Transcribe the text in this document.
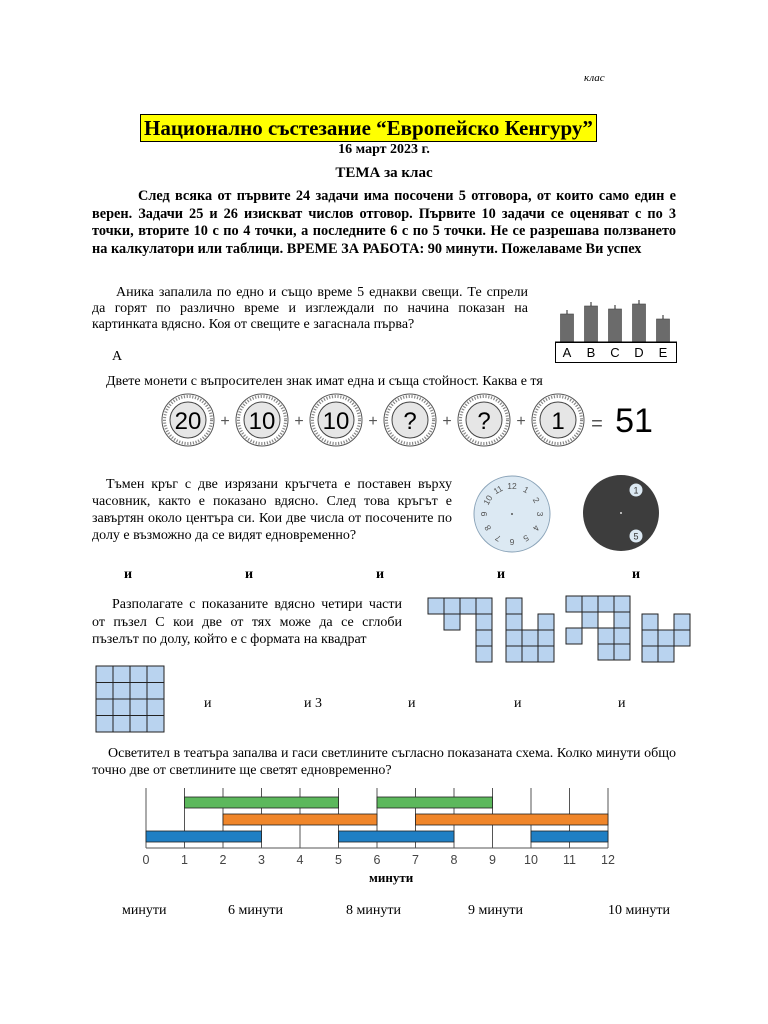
клас
Национално състезание “Европейско Кенгуру”
16 март 2023 г.
ТЕМА за клас
След всяка от първите 24 задачи има посочени 5 отговора, от които само един е верен. Задачи 25 и 26 изискват числов отговор. Първите 10 задачи се оценяват с по 3 точки, вторите 10 с по 4 точки, а последните 6 с по 5 точки. Не се разрешава ползването на калкулатори или таблици. ВРЕМЕ ЗА РАБОТА: 90 минути. Пожелаваме Ви успех
Аника запалила по едно и също време 5 еднакви свещи. Те спрели да горят по различно време и изглеждали по начина показан на картинката вдясно. Коя от свещите е загаснала първа?
A	A B C D E
Двете монети с въпросителен знак имат една и съща стойност. Каква е тя
20 + 10 + 10 + ? + ? + 1 = 51
Тъмен кръг с две изрязани кръгчета е поставен върху часовник, както е показано вдясно. След това кръгът е завъртян около центъра си. Кои две числа от посочените по долу е възможно да се видят едновременно?
12 1
2
3
4
5
6
7
8
9
10
11	1
5
и	и	и	и	и
Разполагате с показаните вдясно четири части от пъзел С кои две от тях може да се сглоби пъзелът по долу, който е с формата на квадрат
и	и 3	и	и	и
Осветител в театъра запалва и гаси светлините съгласно показаната схема. Колко минути общо точно две от светлините ще светят едновременно?
0	1	2	3	4	5	6	7	8	9 10 11 12
минути
минути	6 минути	8 минути	9 минути	10 минути
